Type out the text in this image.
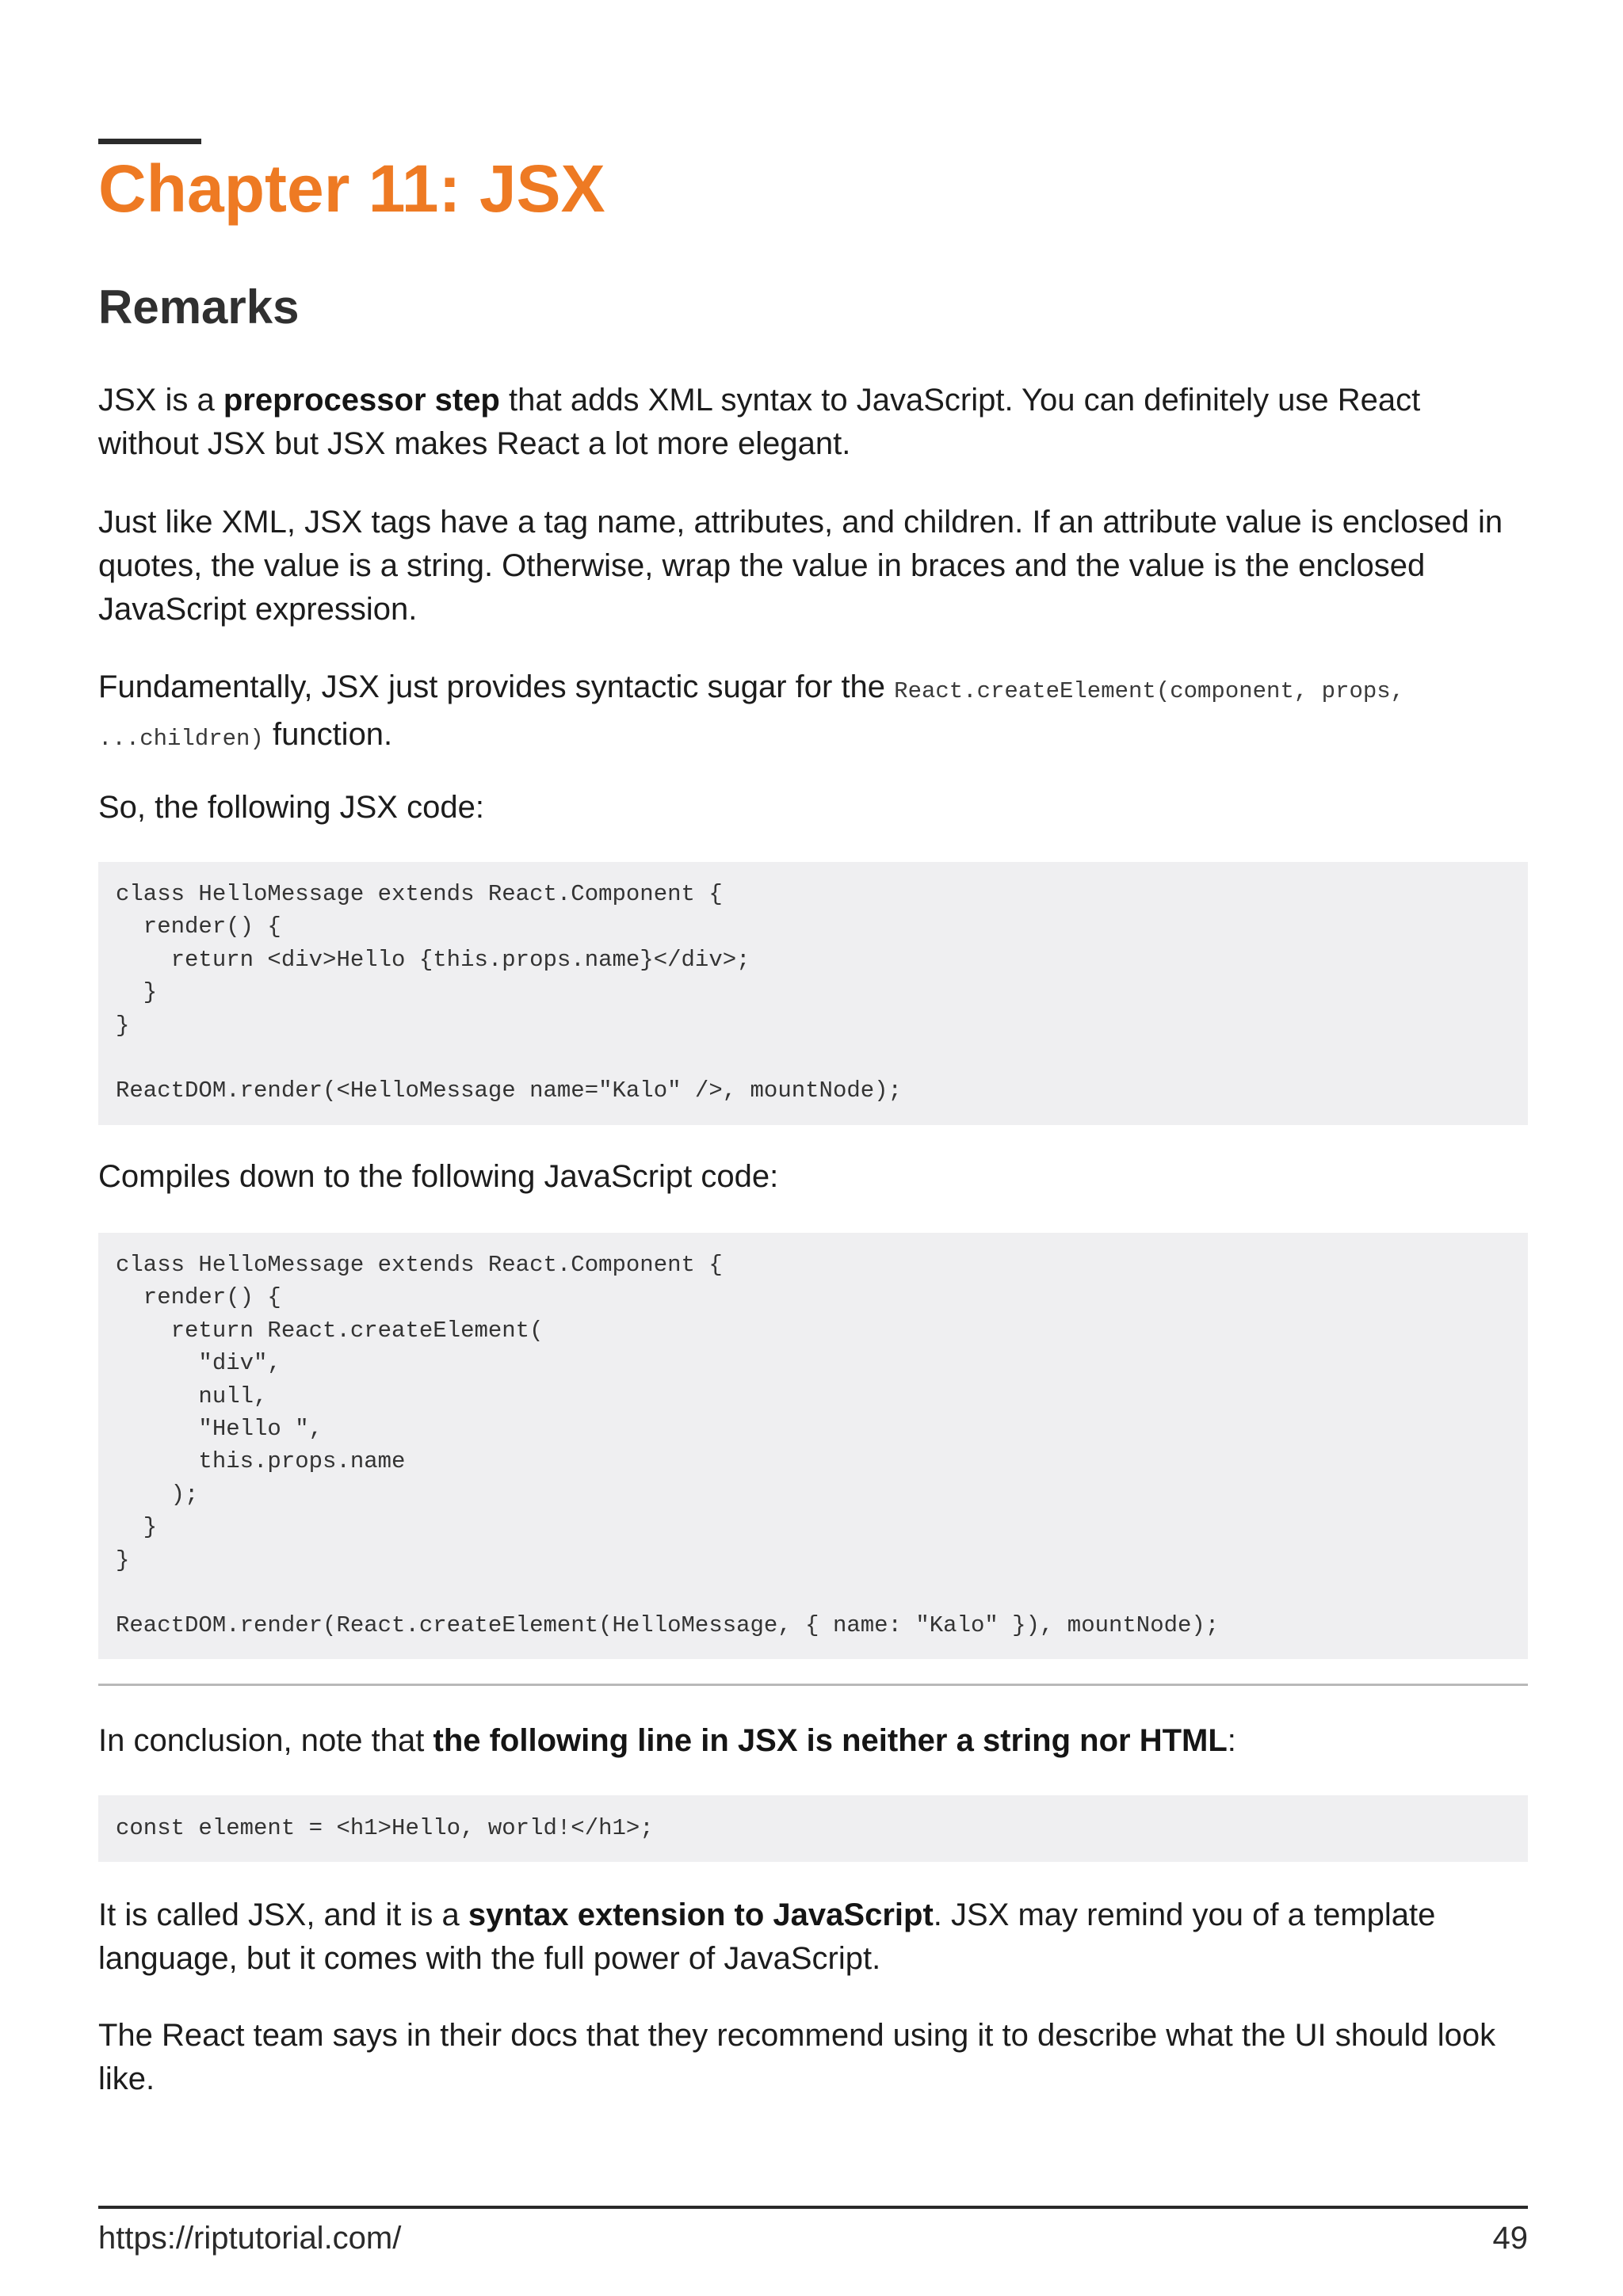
Chapter 11: JSX
Remarks

JSX is a preprocessor step that adds XML syntax to JavaScript. You can definitely use React without JSX but JSX makes React a lot more elegant.

Just like XML, JSX tags have a tag name, attributes, and children. If an attribute value is enclosed in quotes, the value is a string. Otherwise, wrap the value in braces and the value is the enclosed JavaScript expression.

Fundamentally, JSX just provides syntactic sugar for the React.createElement(component, props, ...children) function.

So, the following JSX code:

class HelloMessage extends React.Component {
render() {
return <div>Hello {this.props.name}</div>;
}
}

ReactDOM.render(<HelloMessage name="Kalo" />, mountNode);

Compiles down to the following JavaScript code:

class HelloMessage extends React.Component {
render() {
return React.createElement(
"div",
null,
"Hello ",
this.props.name
);
}
}

ReactDOM.render(React.createElement(HelloMessage, { name: "Kalo" }), mountNode);

In conclusion, note that the following line in JSX is neither a string nor HTML:

const element = <h1>Hello, world!</h1>;

It is called JSX, and it is a syntax extension to JavaScript. JSX may remind you of a template language, but it comes with the full power of JavaScript.

The React team says in their docs that they recommend using it to describe what the UI should look like.

https://riptutorial.com/	49
